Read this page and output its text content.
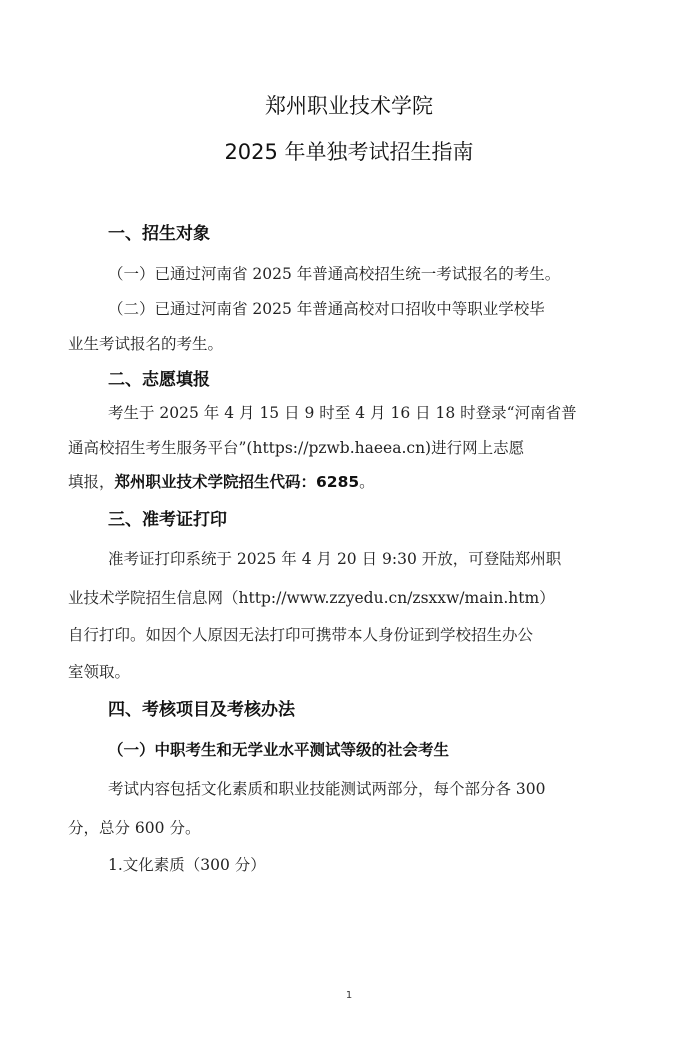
郑州职业技术学院
2025 年单独考试招生指南
一、招生对象
（一）已通过河南省 2025 年普通高校招生统一考试报名的考生。
（二）已通过河南省 2025 年普通高校对口招收中等职业学校毕
业生考试报名的考生。
二、志愿填报
考生于 2025 年 4 月 15 日 9 时至 4 月 16 日 18 时登录“河南省普
通高校招生考生服务平台”(https://pzwb.haeea.cn)进行网上志愿
填报，郑州职业技术学院招生代码：6285。
三、准考证打印
准考证打印系统于 2025 年 4 月 20 日 9:30 开放，可登陆郑州职
业技术学院招生信息网（http://www.zzyedu.cn/zsxxw/main.htm）
自行打印。如因个人原因无法打印可携带本人身份证到学校招生办公
室领取。
四、考核项目及考核办法
（一）中职考生和无学业水平测试等级的社会考生
考试内容包括文化素质和职业技能测试两部分，每个部分各 300
分，总分 600 分。
1.文化素质（300 分）
1
